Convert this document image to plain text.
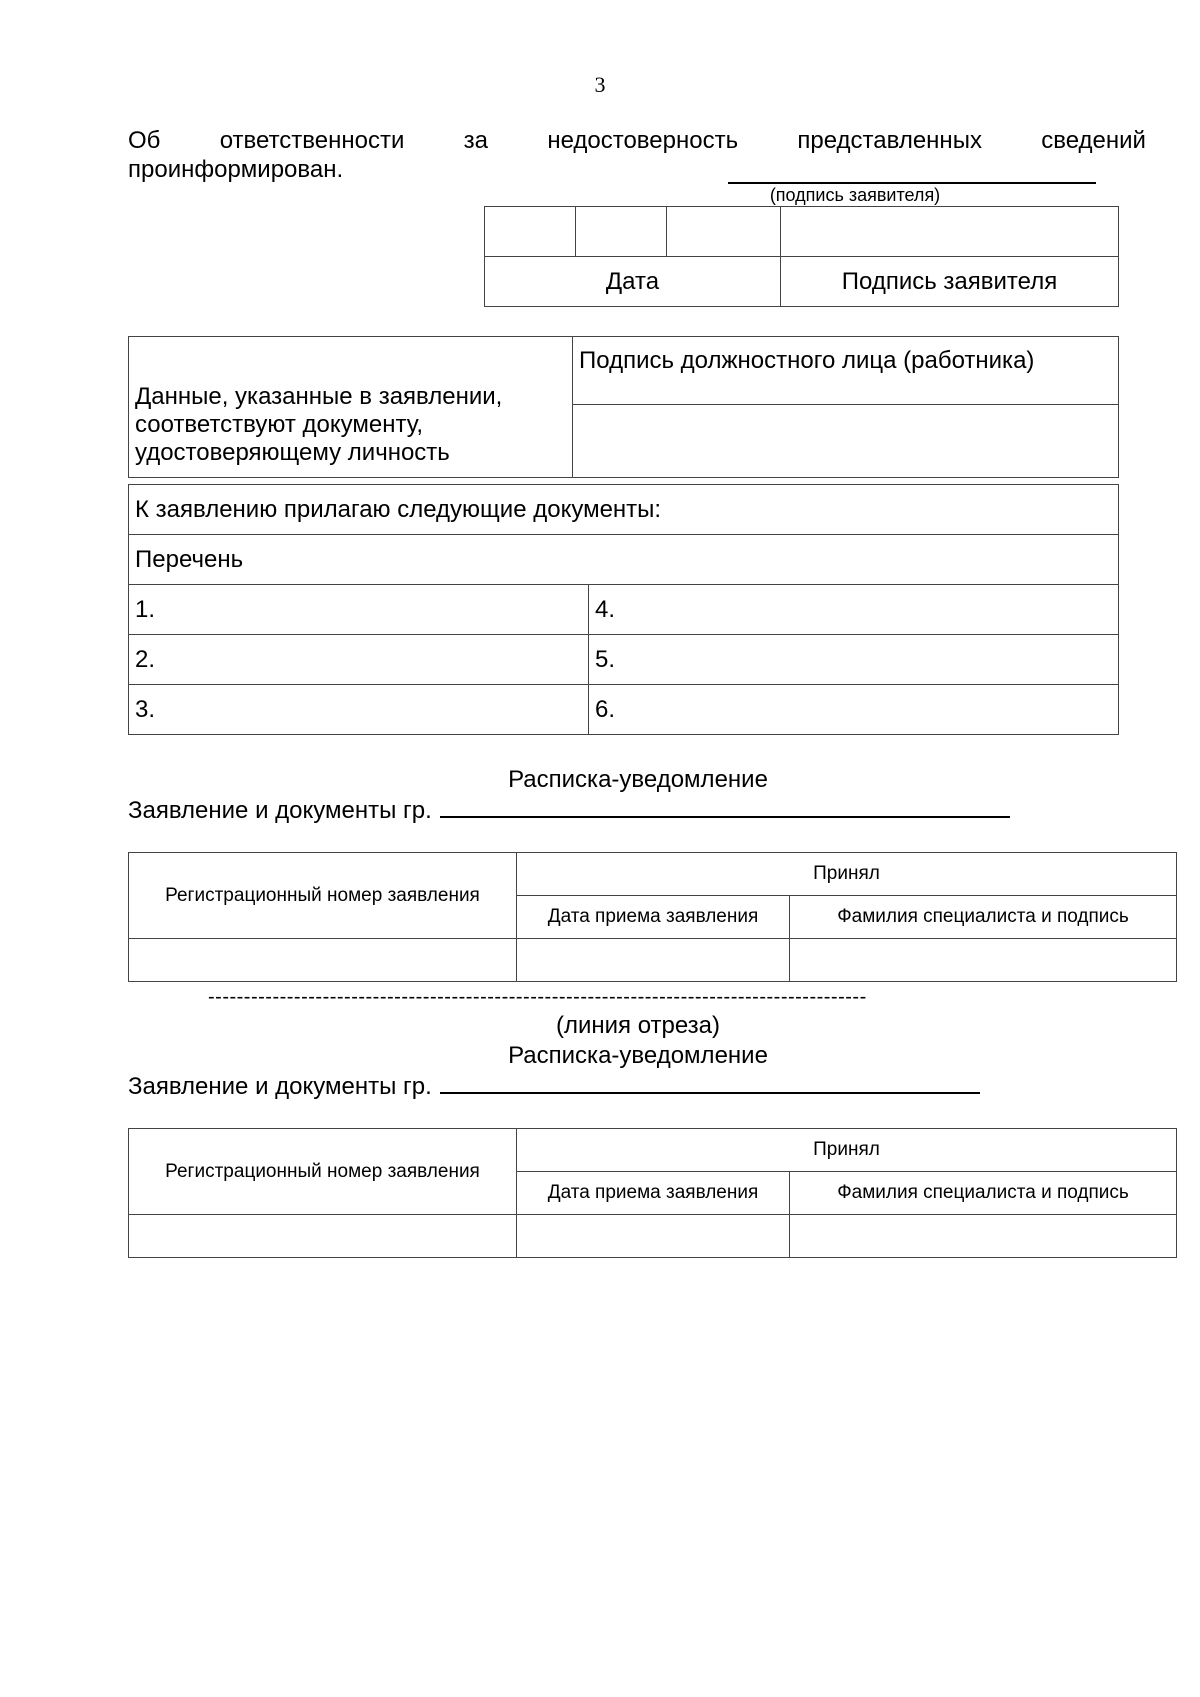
3
Об ответственности за недостоверность представленных сведений
проинформирован.
(подпись заявителя)

Дата			Подпись заявителя
Данные, указанные в заявлении, соответствуют документу, удостоверяющему личность	Подпись должностного лица (работника)

К заявлению прилагаю следующие документы:	
Перечень	
1.	4.
2.	5.
3.	6.
Расписка-уведомление
Заявление и документы гр.
Регистрационный номер заявления	Принял	
	Дата приема заявления	Фамилия специалиста и подпись

--------------------------------------------------------------------------------------------
(линия отреза)
Расписка-уведомление
Заявление и документы гр.
Регистрационный номер заявления	Принял	
	Дата приема заявления	Фамилия специалиста и подпись
